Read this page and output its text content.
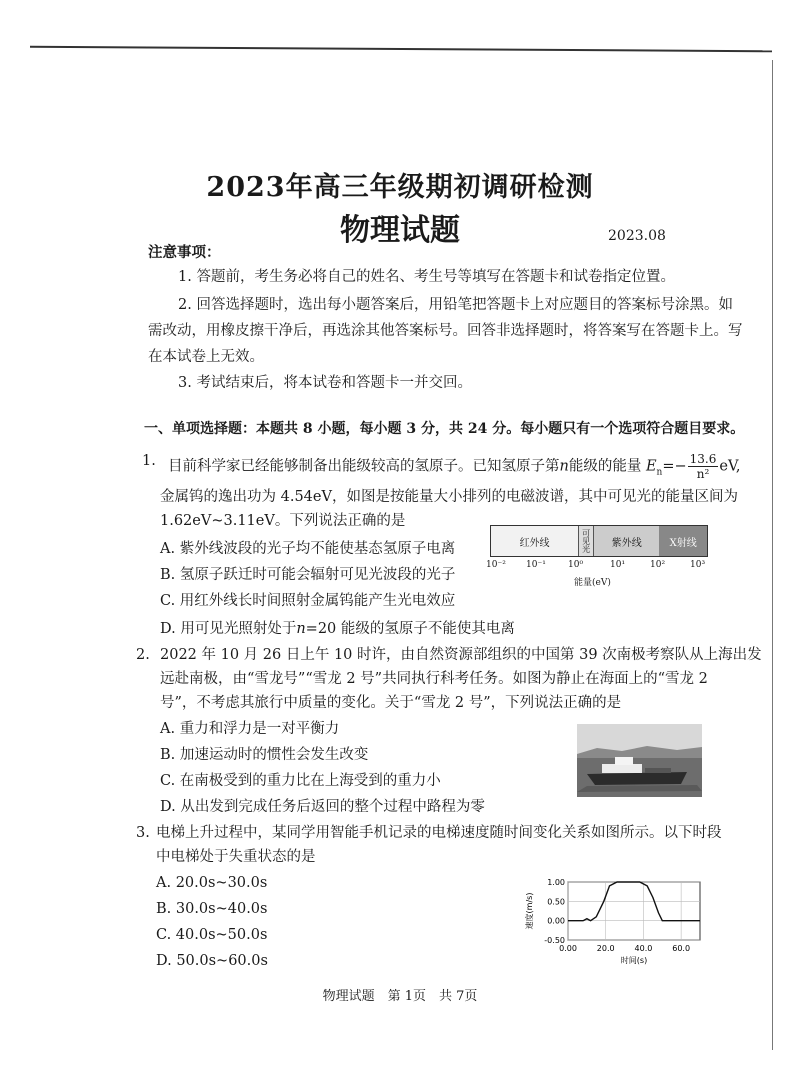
2023年高三年级期初调研检测
物理试题	2023.08
注意事项：
1. 答题前，考生务必将自己的姓名、考生号等填写在答题卡和试卷指定位置。
2. 回答选择题时，选出每小题答案后，用铅笔把答题卡上对应题目的答案标号涂黑。如
需改动，用橡皮擦干净后，再选涂其他答案标号。回答非选择题时，将答案写在答题卡上。写
在本试卷上无效。
3. 考试结束后，将本试卷和答题卡一并交回。
一、单项选择题：本题共 8 小题，每小题 3 分，共 24 分。每小题只有一个选项符合题目要求。
1. 目前科学家已经能够制备出能级较高的氢原子。已知氢原子第n能级的能量 $E_n=- \frac{13.6}{\text{n²}}$ eV,
金属钨的逸出功为 4.54eV，如图是按能量大小排列的电磁波谱，其中可见光的能量区间为
1.62eV~3.11eV。下列说法正确的是
A. 紫外线波段的光子均不能使基态氢原子电离
B. 氢原子跃迁时可能会辐射可见光波段的光子
C. 用红外线长时间照射金属钨能产生光电效应
D. 用可见光照射处于n=20 能级的氢原子不能使其电离
红外线	可见光	紫外线	X射线
10⁻² 10⁻¹ 10⁰	10¹	10²	10³
能量(eV)
2. 2022 年 10 月 26 日上午 10 时许，由自然资源部组织的中国第 39 次南极考察队从上海出发
远赴南极，由“雪龙号”“雪龙 2 号”共同执行科考任务。如图为静止在海面上的“雪龙 2
号”，不考虑其旅行中质量的变化。关于“雪龙 2 号”，下列说法正确的是
A. 重力和浮力是一对平衡力
B. 加速运动时的惯性会发生改变
C. 在南极受到的重力比在上海受到的重力小
D. 从出发到完成任务后返回的整个过程中路程为零
3. 电梯上升过程中，某同学用智能手机记录的电梯速度随时间变化关系如图所示。以下时段
中电梯处于失重状态的是
A. 20.0s~30.0s
B. 30.0s~40.0s
C. 40.0s~50.0s
D. 50.0s~60.0s
1.00
0.50
0.00
-0.50
0.00 20.0 40.0 60.0
时间(s)
速度(m/s)
物理试题　第 1页　共 7页
